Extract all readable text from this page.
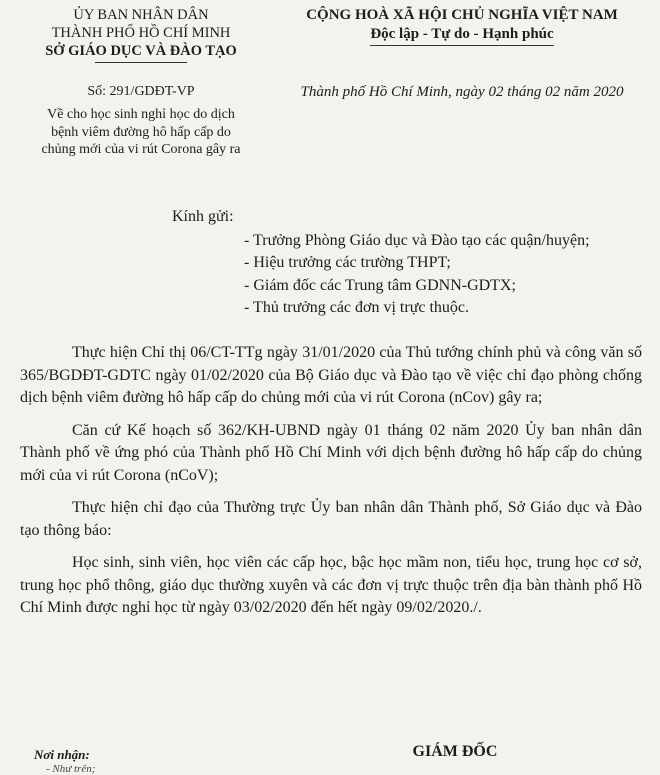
ỦY BAN NHÂN DÂN
THÀNH PHỐ HỒ CHÍ MINH
SỞ GIÁO DỤC VÀ ĐÀO TẠO
CỘNG HOÀ XÃ HỘI CHỦ NGHĨA VIỆT NAM
Độc lập - Tự do - Hạnh phúc
Số: 291/GDĐT-VP
Về cho học sinh nghỉ học do dịch
bệnh viêm đường hô hấp cấp do
chủng mới của vi rút Corona gây ra
Thành phố Hồ Chí Minh, ngày 02 tháng 02 năm 2020
Kính gửi:
- Trưởng Phòng Giáo dục và Đào tạo các quận/huyện;
- Hiệu trưởng các trường THPT;
- Giám đốc các Trung tâm GDNN-GDTX;
- Thủ trưởng các đơn vị trực thuộc.

Thực hiện Chỉ thị 06/CT-TTg ngày 31/01/2020 của Thủ tướng chính phủ và công văn số 365/BGDĐT-GDTC ngày 01/02/2020 của Bộ Giáo dục và Đào tạo về việc chỉ đạo phòng chống dịch bệnh viêm đường hô hấp cấp do chủng mới của vi rút Corona (nCov) gây ra;

Căn cứ Kế hoạch số 362/KH-UBND ngày 01 tháng 02 năm 2020 Ủy ban nhân dân Thành phố về ứng phó của Thành phố Hồ Chí Minh với dịch bệnh đường hô hấp cấp do chủng mới của vi rút Corona (nCoV);

Thực hiện chỉ đạo của Thường trực Ủy ban nhân dân Thành phố, Sở Giáo dục và Đào tạo thông báo:

Học sinh, sinh viên, học viên các cấp học, bậc học mầm non, tiểu học, trung học cơ sở, trung học phổ thông, giáo dục thường xuyên và các đơn vị trực thuộc trên địa bàn thành phố Hồ Chí Minh được nghỉ học từ ngày 03/02/2020 đến hết ngày 09/02/2020./.

Nơi nhận:
- Như trên;
GIÁM ĐỐC
